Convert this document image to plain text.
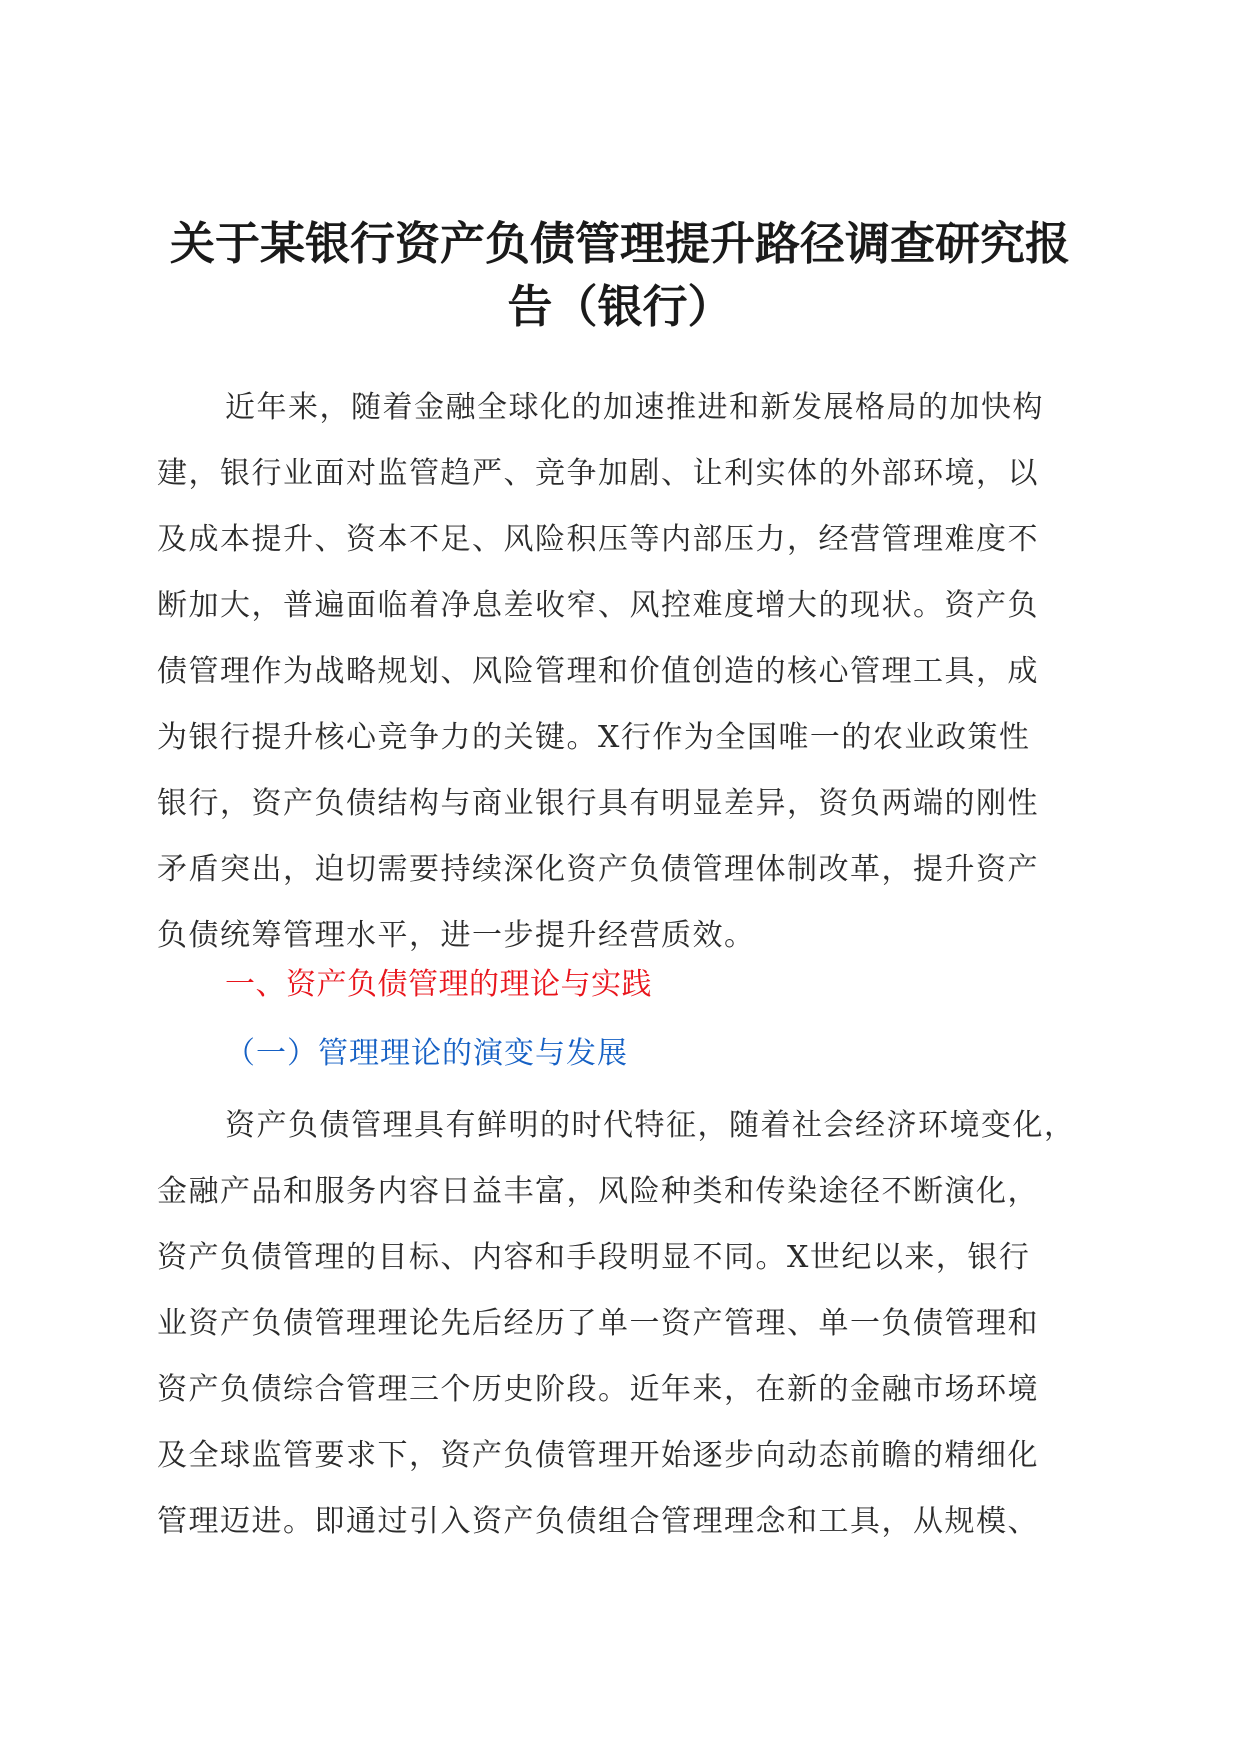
关于某银行资产负债管理提升路径调查研究报
告（银行）
近年来，随着金融全球化的加速推进和新发展格局的加快构
建，银行业面对监管趋严、竞争加剧、让利实体的外部环境，以
及成本提升、资本不足、风险积压等内部压力，经营管理难度不
断加大，普遍面临着净息差收窄、风控难度增大的现状。资产负
债管理作为战略规划、风险管理和价值创造的核心管理工具，成
为银行提升核心竞争力的关键。X行作为全国唯一的农业政策性
银行，资产负债结构与商业银行具有明显差异，资负两端的刚性
矛盾突出，迫切需要持续深化资产负债管理体制改革，提升资产
负债统筹管理水平，进一步提升经营质效。
一、资产负债管理的理论与实践
（一）管理理论的演变与发展
资产负债管理具有鲜明的时代特征，随着社会经济环境变化，
金融产品和服务内容日益丰富，风险种类和传染途径不断演化，
资产负债管理的目标、内容和手段明显不同。X世纪以来，银行
业资产负债管理理论先后经历了单一资产管理、单一负债管理和
资产负债综合管理三个历史阶段。近年来，在新的金融市场环境
及全球监管要求下，资产负债管理开始逐步向动态前瞻的精细化
管理迈进。即通过引入资产负债组合管理理念和工具，从规模、
